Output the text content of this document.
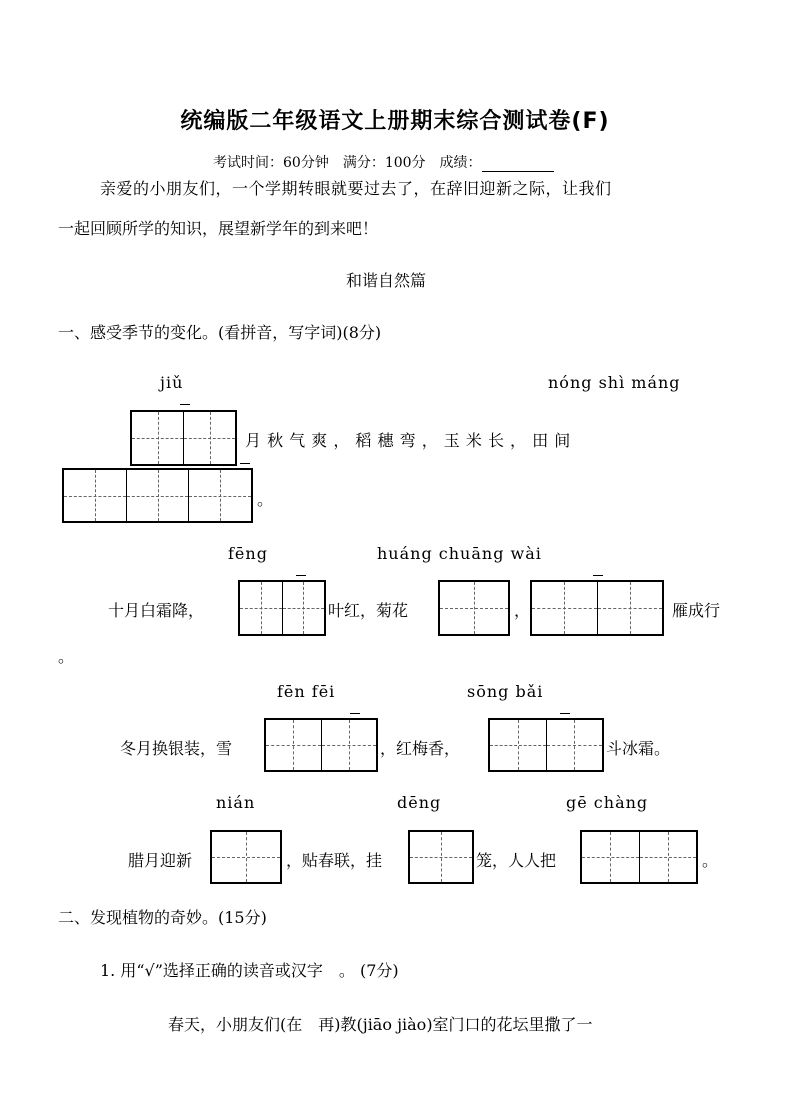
统编版二年级语文上册期末综合测试卷(F)
考试时间：60分钟　满分：100分　成绩：
亲爱的小朋友们，一个学期转眼就要过去了，在辞旧迎新之际，让我们
一起回顾所学的知识，展望新学年的到来吧！
和谐自然篇
一、感受季节的变化。(看拼音，写字词)(8分)
jiǔ	nóng shì máng
月 秋 气 爽 ， 稻 穗 弯 ， 玉 米 长 ， 田 间
。
fēng	huáng chuāng wài
十月白霜降，	叶红，菊花	，	雁成行
。
fēn fēi	sōng bǎi
冬月换银装，雪	，红梅香，	斗冰霜。
nián	dēng	gē chàng
腊月迎新	，贴春联，挂	笼，人人把	。
二、发现植物的奇妙。(15分)
1. 用“√”选择正确的读音或汉字　。 (7分)
春天，小朋友们(在　再)教(jiāo jiào)室门口的花坛里撒了一
